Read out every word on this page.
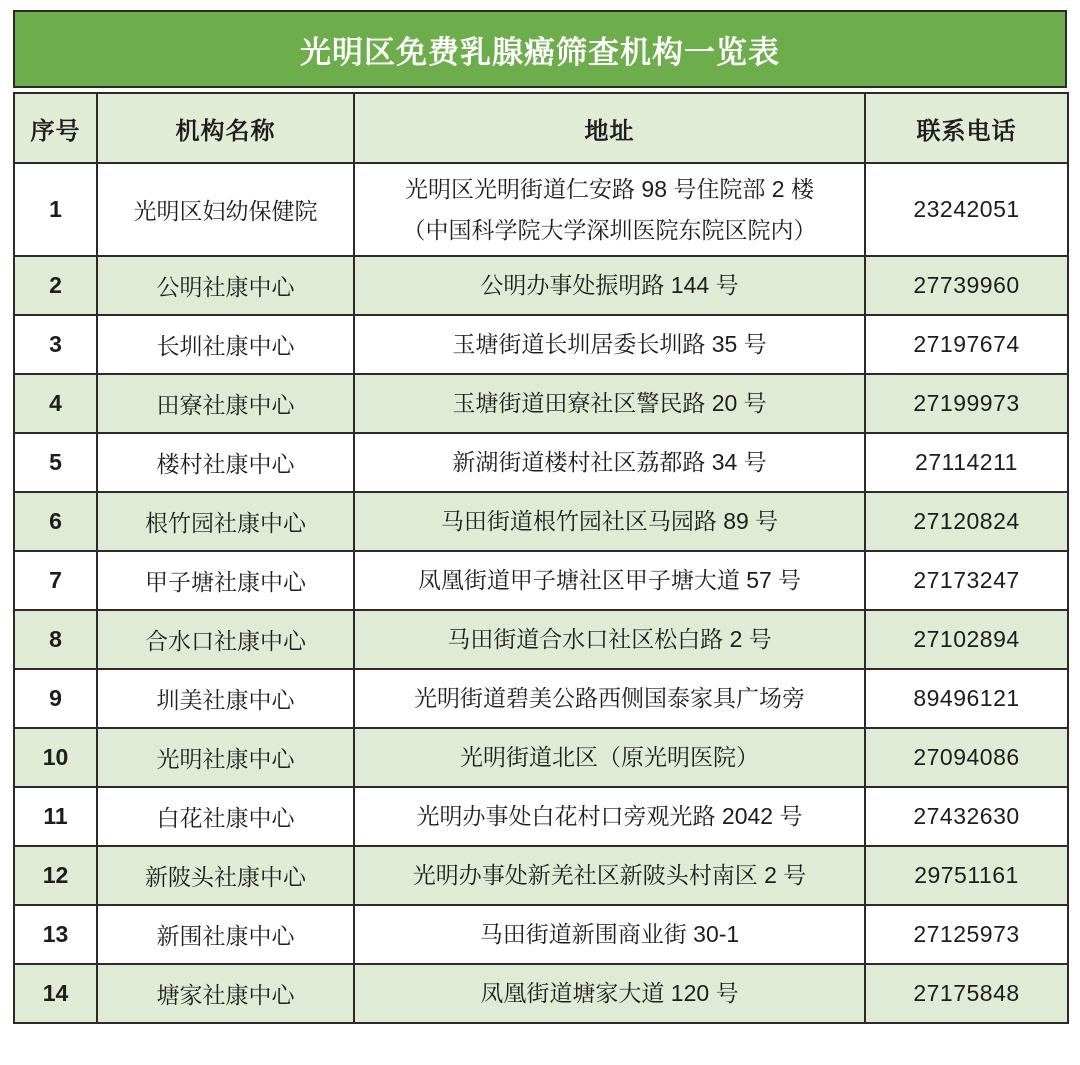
光明区免费乳腺癌筛查机构一览表
序号	机构名称	地址	联系电话
1	光明区妇幼保健院	光明区光明街道仁安路 98 号住院部 2 楼
（中国科学院大学深圳医院东院区院内）	23242051
2	公明社康中心	公明办事处振明路 144 号	27739960
3	长圳社康中心	玉塘街道长圳居委长圳路 35 号	27197674
4	田寮社康中心	玉塘街道田寮社区警民路 20 号	27199973
5	楼村社康中心	新湖街道楼村社区荔都路 34 号	27114211
6	根竹园社康中心	马田街道根竹园社区马园路 89 号	27120824
7	甲子塘社康中心	凤凰街道甲子塘社区甲子塘大道 57 号	27173247
8	合水口社康中心	马田街道合水口社区松白路 2 号	27102894
9	圳美社康中心	光明街道碧美公路西侧国泰家具广场旁	89496121
10	光明社康中心	光明街道北区（原光明医院）	27094086
11	白花社康中心	光明办事处白花村口旁观光路 2042 号	27432630
12	新陂头社康中心	光明办事处新羌社区新陂头村南区 2 号	29751161
13	新围社康中心	马田街道新围商业街 30-1	27125973
14	塘家社康中心	凤凰街道塘家大道 120 号	27175848
